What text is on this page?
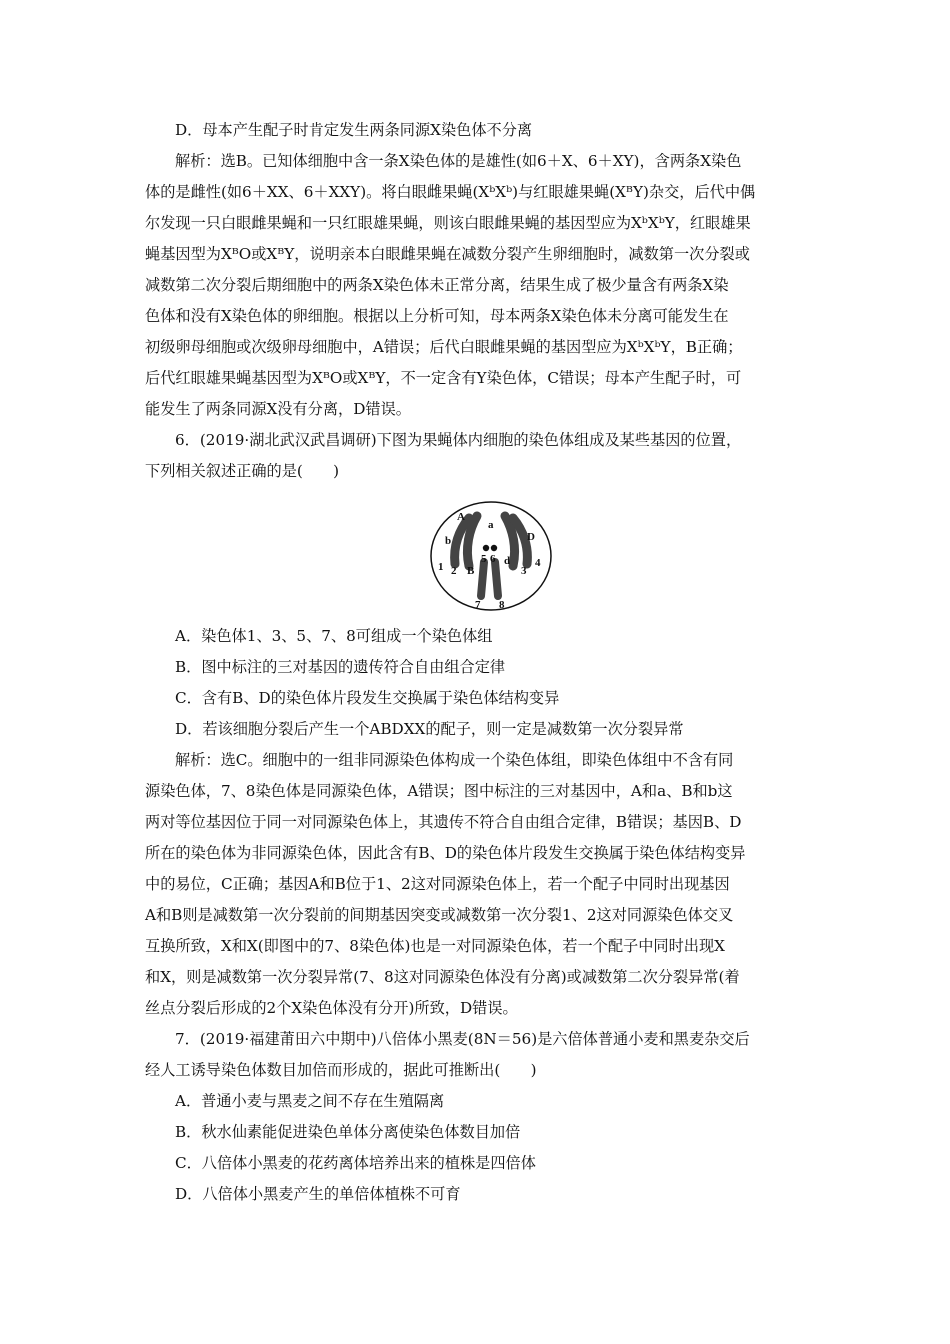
D．母本产生配子时肯定发生两条同源X染色体不分离
解析：选B。已知体细胞中含一条X染色体的是雄性(如6＋X、6＋XY)，含两条X染色
体的是雌性(如6＋XX、6＋XXY)。将白眼雌果蝇(XᵇXᵇ)与红眼雄果蝇(XᴮY)杂交，后代中偶
尔发现一只白眼雌果蝇和一只红眼雄果蝇，则该白眼雌果蝇的基因型应为XᵇXᵇY，红眼雄果
蝇基因型为XᴮO或XᴮY，说明亲本白眼雌果蝇在减数分裂产生卵细胞时，减数第一次分裂或
减数第二次分裂后期细胞中的两条X染色体未正常分离，结果生成了极少量含有两条X染
色体和没有X染色体的卵细胞。根据以上分析可知，母本两条X染色体未分离可能发生在
初级卵母细胞或次级卵母细胞中，A错误；后代白眼雌果蝇的基因型应为XᵇXᵇY，B正确；
后代红眼雄果蝇基因型为XᴮO或XᴮY，不一定含有Y染色体，C错误；母本产生配子时，可
能发生了两条同源X没有分离，D错误。
6．(2019·湖北武汉武昌调研)下图为果蝇体内细胞的染色体组成及某些基因的位置，
下列相关叙述正确的是(　　)
A
a
b	D
d
B
1 2	3
4
5 6
7 8
A．染色体1、3、5、7、8可组成一个染色体组
B．图中标注的三对基因的遗传符合自由组合定律
C．含有B、D的染色体片段发生交换属于染色体结构变异
D．若该细胞分裂后产生一个ABDXX的配子，则一定是减数第一次分裂异常
解析：选C。细胞中的一组非同源染色体构成一个染色体组，即染色体组中不含有同
源染色体，7、8染色体是同源染色体，A错误；图中标注的三对基因中，A和a、B和b这
两对等位基因位于同一对同源染色体上，其遗传不符合自由组合定律，B错误；基因B、D
所在的染色体为非同源染色体，因此含有B、D的染色体片段发生交换属于染色体结构变异
中的易位，C正确；基因A和B位于1、2这对同源染色体上，若一个配子中同时出现基因
A和B则是减数第一次分裂前的间期基因突变或减数第一次分裂1、2这对同源染色体交叉
互换所致，X和X(即图中的7、8染色体)也是一对同源染色体，若一个配子中同时出现X
和X，则是减数第一次分裂异常(7、8这对同源染色体没有分离)或减数第二次分裂异常(着
丝点分裂后形成的2个X染色体没有分开)所致，D错误。
7．(2019·福建莆田六中期中)八倍体小黑麦(8N＝56)是六倍体普通小麦和黑麦杂交后
经人工诱导染色体数目加倍而形成的，据此可推断出(　　)
A．普通小麦与黑麦之间不存在生殖隔离
B．秋水仙素能促进染色单体分离使染色体数目加倍
C．八倍体小黑麦的花药离体培养出来的植株是四倍体
D．八倍体小黑麦产生的单倍体植株不可育
